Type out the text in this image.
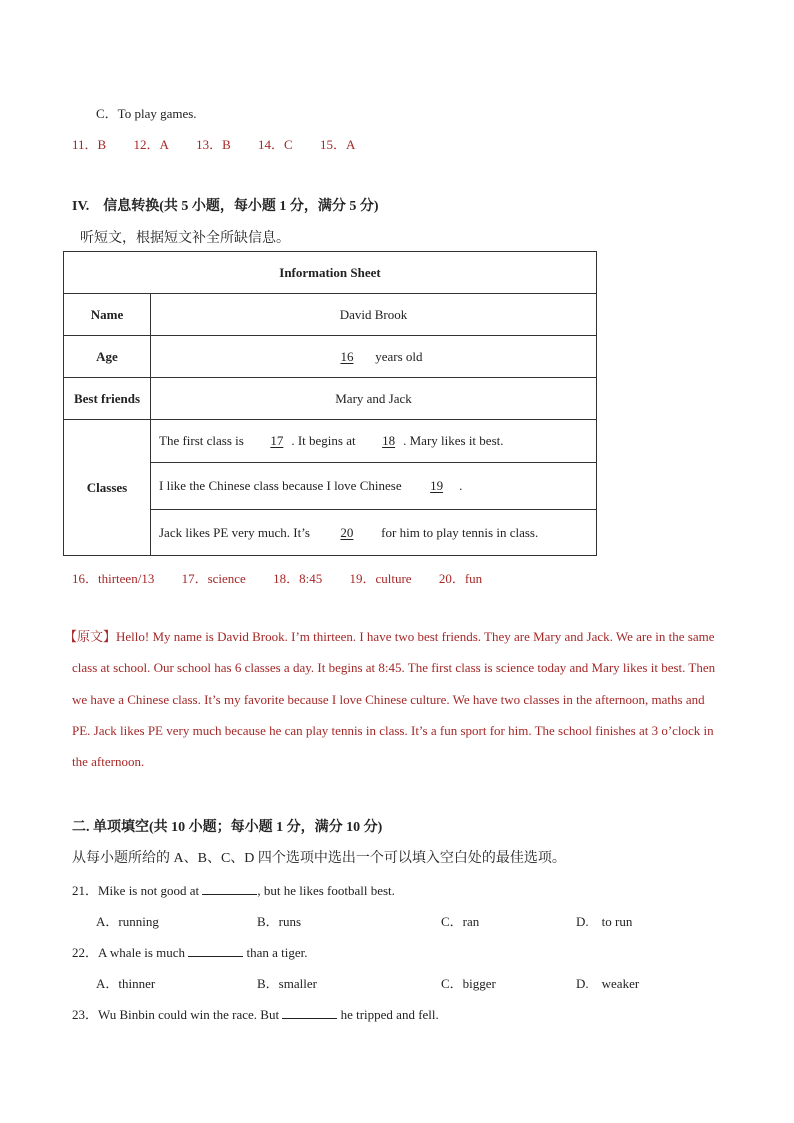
C．To play games.
11．B 12．A 13．B 14．C 15．A
IV.　信息转换(共 5 小题，每小题 1 分，满分 5 分)
听短文，根据短文补全所缺信息。
Information Sheet	
Name	David Brook
Age	16 years old
Best friends	Mary and Jack
Classes	The first class is 17 . It begins at 18 . Mary likes it best.
	I like the Chinese class because I love Chinese 19 .
	Jack likes PE very much. It’s 20 for him to play tennis in class.
16．thirteen/13 17．science 18．8:45 19．culture 20．fun
【原文】Hello! My name is David Brook. I’m thirteen. I have two best friends. They are Mary and Jack. We are in the same class at school. Our school has 6 classes a day. It begins at 8:45. The first class is science today and Mary likes it best. Then we have a Chinese class. It’s my favorite because I love Chinese culture. We have two classes in the afternoon, maths and PE. Jack likes PE very much because he can play tennis in class. It’s a fun sport for him. The school finishes at 3 o’clock in the afternoon.
二. 单项填空(共 10 小题；每小题 1 分，满分 10 分)
从每小题所给的 A、B、C、D 四个选项中选出一个可以填入空白处的最佳选项。
21．Mike is not good at	, but he likes football best.
A．running	B．runs	C．ran	D.　to run
22．A whale is much	than a tiger.
A．thinner	B．smaller	C．bigger	D.　weaker
23．Wu Binbin could win the race. But	he tripped and fell.
